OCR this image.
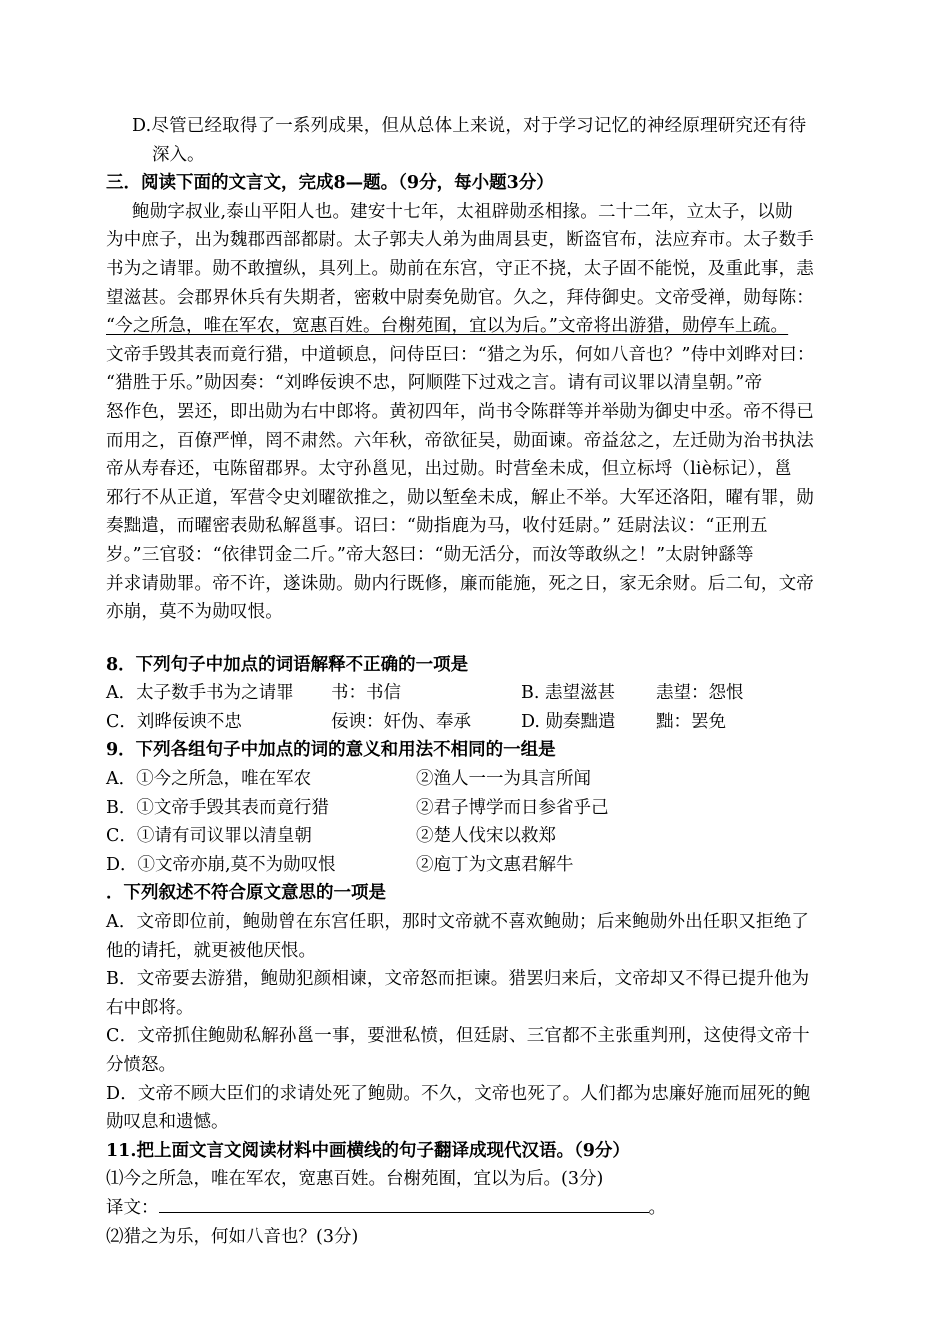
D.尽管已经取得了一系列成果，但从总体上来说，对于学习记忆的神经原理研究还有待
深入。
三．阅读下面的文言文，完成8—题。（9分，每小题3分）
鲍勋字叔业,泰山平阳人也。建安十七年，太祖辟勋丞相掾。二十二年，立太子，以勋
为中庶子，出为魏郡西部都尉。太子郭夫人弟为曲周县吏，断盗官布，法应弃市。太子数手
书为之请罪。勋不敢擅纵，具列上。勋前在东宫，守正不挠，太子固不能悦，及重此事，恚
望滋甚。会郡界休兵有失期者，密敕中尉奏免勋官。久之，拜侍御史。文帝受禅，勋每陈：
“今之所急，唯在军农，宽惠百姓。台榭苑囿，宜以为后。”文帝将出游猎，勋停车上疏。
文帝手毁其表而竟行猎，中道顿息，问侍臣曰：“猎之为乐，何如八音也？”侍中刘晔对曰：
“猎胜于乐。”勋因奏：“刘晔佞谀不忠，阿顺陛下过戏之言。请有司议罪以清皇朝。”帝
怒作色，罢还，即出勋为右中郎将。黄初四年，尚书令陈群等并举勋为御史中丞。帝不得已
而用之，百僚严惮，罔不肃然。六年秋，帝欲征吴，勋面谏。帝益忿之，左迁勋为治书执法
帝从寿春还，屯陈留郡界。太守孙邕见，出过勋。时营垒未成，但立标埒（liè标记），邕
邪行不从正道，军营令史刘曜欲推之，勋以堑垒未成，解止不举。大军还洛阳，曜有罪，勋
奏黜遣，而曜密表勋私解邕事。诏曰：“勋指鹿为马，收付廷尉。” 廷尉法议：“正刑五
岁。”三官驳：“依律罚金二斤。”帝大怒曰：“勋无活分，而汝等敢纵之！”太尉钟繇等
并求请勋罪。帝不许，遂诛勋。勋内行既修，廉而能施，死之日，家无余财。后二旬，文帝
亦崩，莫不为勋叹恨。
8．下列句子中加点的词语解释不正确的一项是
A．太子数手书为之请罪	书：书信	B. 恚望滋甚	恚望：怨恨
C．刘晔佞谀不忠	佞谀：奸伪、奉承	D. 勋奏黜遣	黜：罢免
9．下列各组句子中加点的词的意义和用法不相同的一组是
A．①今之所急，唯在军农	②渔人一一为具言所闻
B．①文帝手毁其表而竟行猎	②君子博学而日参省乎己
C．①请有司议罪以清皇朝	②楚人伐宋以救郑
D．①文帝亦崩,莫不为勋叹恨	②庖丁为文惠君解牛
．下列叙述不符合原文意思的一项是
A．文帝即位前，鲍勋曾在东宫任职，那时文帝就不喜欢鲍勋；后来鲍勋外出任职又拒绝了
他的请托，就更被他厌恨。
B．文帝要去游猎，鲍勋犯颜相谏，文帝怒而拒谏。猎罢归来后，文帝却又不得已提升他为
右中郎将。
C．文帝抓住鲍勋私解孙邕一事，要泄私愤，但廷尉、三官都不主张重判刑，这使得文帝十
分愤怒。
D．文帝不顾大臣们的求请处死了鲍勋。不久，文帝也死了。人们都为忠廉好施而屈死的鲍
勋叹息和遗憾。
11.把上面文言文阅读材料中画横线的句子翻译成现代汉语。（9分）
⑴今之所急，唯在军农，宽惠百姓。台榭苑囿，宜以为后。(3分)
译文：	。
⑵猎之为乐，何如八音也？(3分)
